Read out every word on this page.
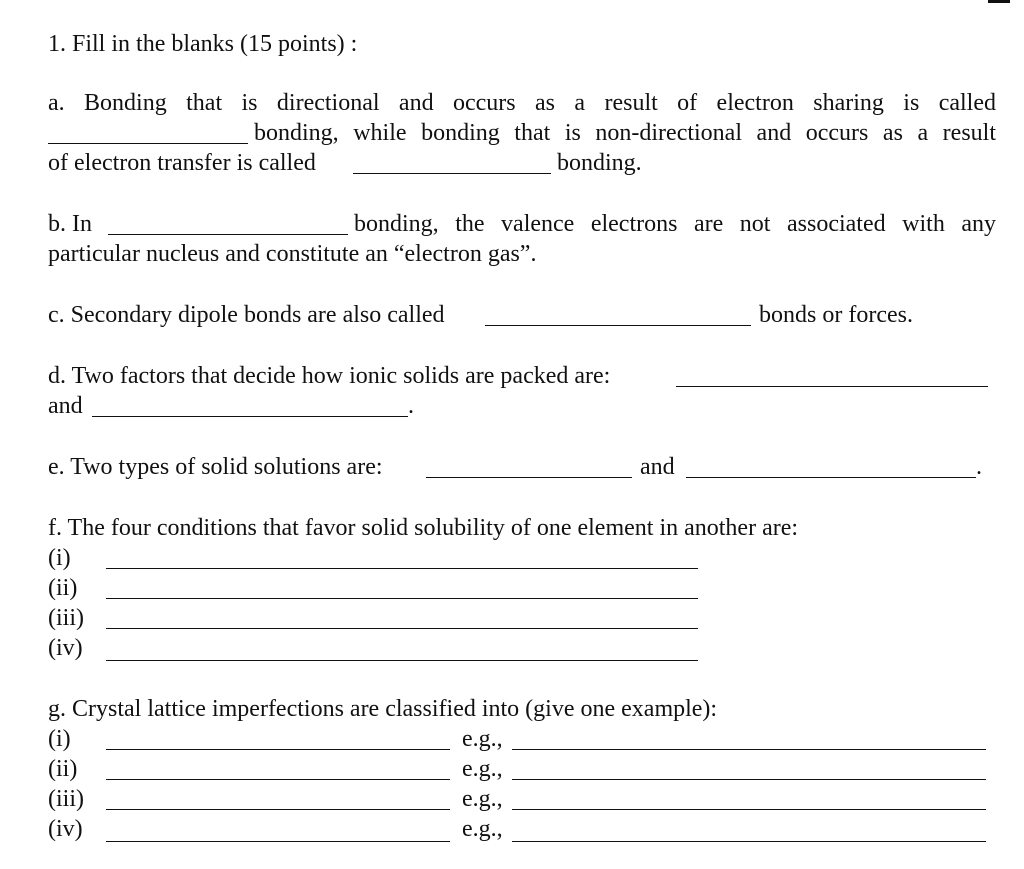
1. Fill in the blanks (15 points) :
a. Bonding that is directional and occurs as a result of electron sharing is called
bonding, while bonding that is non-directional and occurs as a result
of electron transfer is called	bonding.
b. In	bonding, the valence electrons are not associated with any
particular nucleus and constitute an “electron gas”.
c. Secondary dipole bonds are also called	bonds or forces.
d. Two factors that decide how ionic solids are packed are:
and	.
e. Two types of solid solutions are:	and	.
f. The four conditions that favor solid solubility of one element in another are:
(i)
(ii)
(iii)
(iv)
g. Crystal lattice imperfections are classified into (give one example):
(i)	e.g.,
(ii)	e.g.,
(iii)	e.g.,
(iv)	e.g.,
